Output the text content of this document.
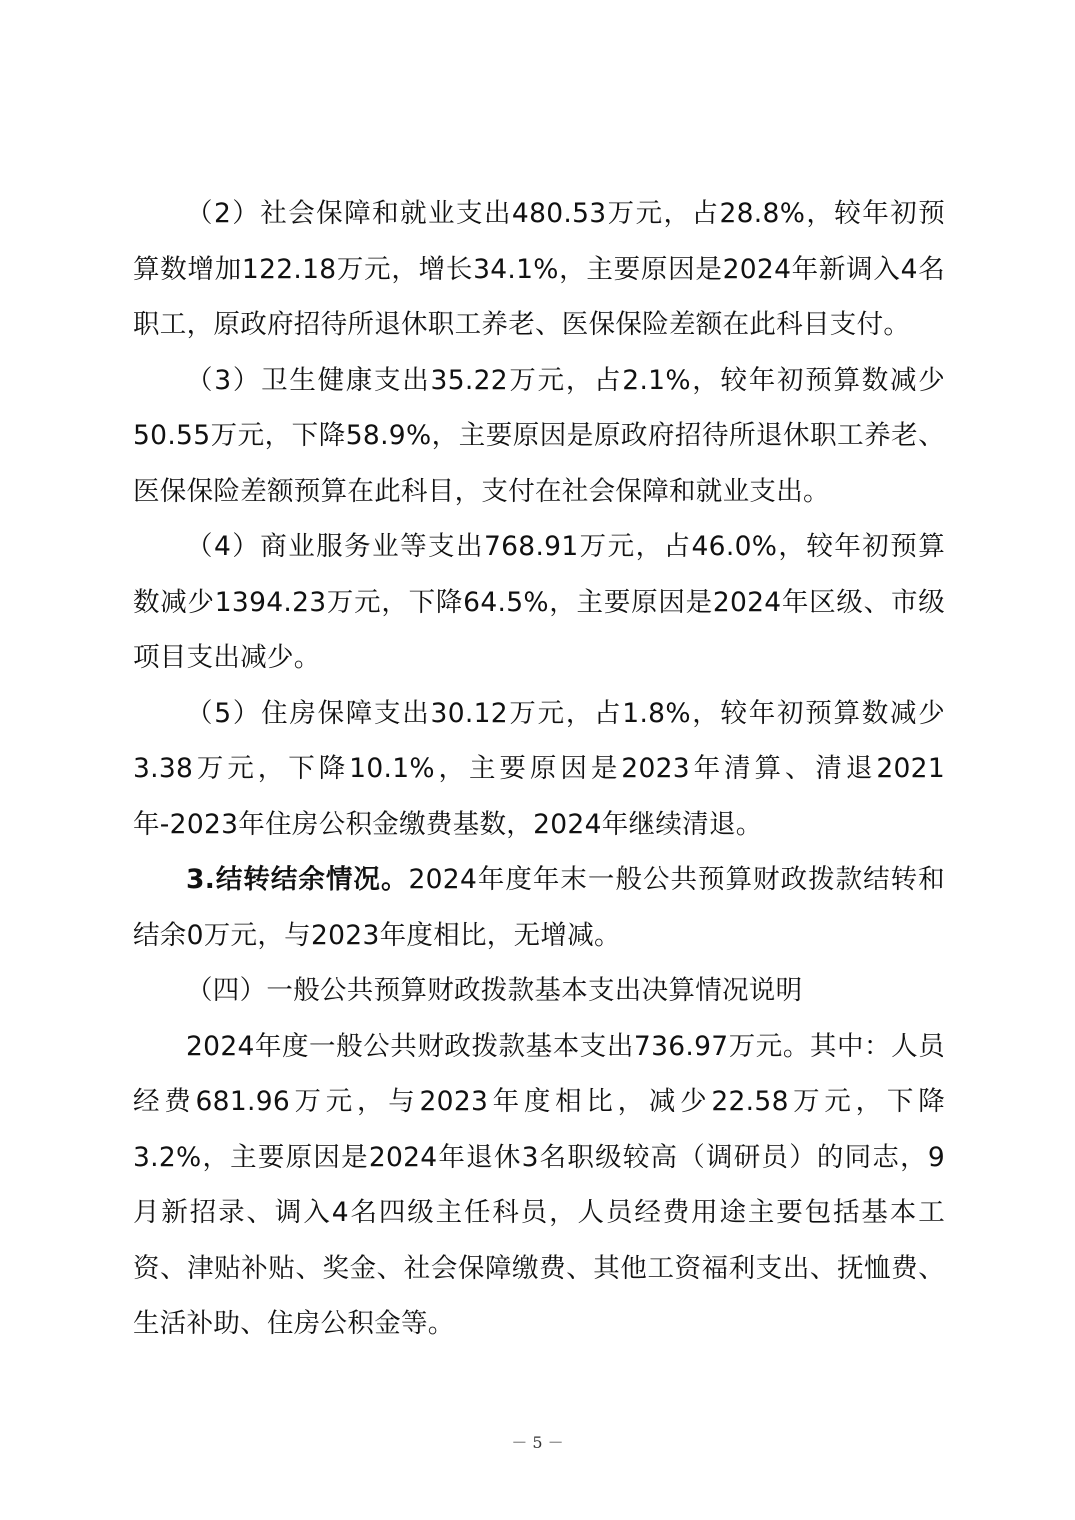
（2）社会保障和就业支出480.53万元，占28.8%，较年初预算数增加122.18万元，增长34.1%，主要原因是2024年新调入4名职工，原政府招待所退休职工养老、医保保险差额在此科目支付。

（3）卫生健康支出35.22万元，占2.1%，较年初预算数减少50.55万元，下降58.9%，主要原因是原政府招待所退休职工养老、医保保险差额预算在此科目，支付在社会保障和就业支出。

（4）商业服务业等支出768.91万元，占46.0%，较年初预算数减少1394.23万元，下降64.5%，主要原因是2024年区级、市级项目支出减少。

（5）住房保障支出30.12万元，占1.8%，较年初预算数减少3.38万元，下降10.1%，主要原因是2023年清算、清退2021年-2023年住房公积金缴费基数，2024年继续清退。

3.结转结余情况。2024年度年末一般公共预算财政拨款结转和结余0万元，与2023年度相比，无增减。

（四）一般公共预算财政拨款基本支出决算情况说明

2024年度一般公共财政拨款基本支出736.97万元。其中：人员经费681.96万元，与2023年度相比，减少22.58万元，下降3.2%，主要原因是2024年退休3名职级较高（调研员）的同志，9月新招录、调入4名四级主任科员，人员经费用途主要包括基本工资、津贴补贴、奖金、社会保障缴费、其他工资福利支出、抚恤费、生活补助、住房公积金等。

－ 5 －
